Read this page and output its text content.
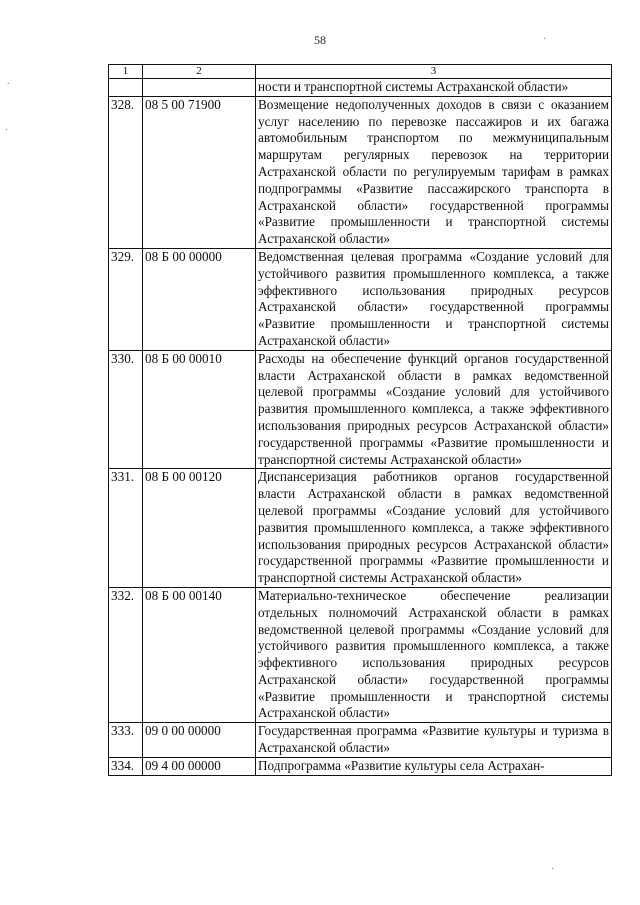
58
1	2	3
		ности и транспортной системы Астраханской области»
328.	08 5 00 71900	Возмещение недополученных доходов в связи с оказанием услуг населению по перевозке пассажиров и их багажа автомобильным транспортом по межмуниципальным маршрутам регулярных перевозок на территории Астраханской области по регулируемым тарифам в рамках подпрограммы «Развитие пассажирского транспорта в Астраханской области» государственной программы «Развитие промышленности и транспортной системы Астраханской области»
329.	08 Б 00 00000	Ведомственная целевая программа «Создание условий для устойчивого развития промышленного комплекса, а также эффективного использования природных ресурсов Астраханской области» государственной программы «Развитие промышленности и транспортной системы Астраханской области»
330.	08 Б 00 00010	Расходы на обеспечение функций органов государственной власти Астраханской области в рамках ведомственной целевой программы «Создание условий для устойчивого развития промышленного комплекса, а также эффективного использования природных ресурсов Астраханской области» государственной программы «Развитие промышленности и транспортной системы Астраханской области»
331.	08 Б 00 00120	Диспансеризация работников органов государственной власти Астраханской области в рамках ведомственной целевой программы «Создание условий для устойчивого развития промышленного комплекса, а также эффективного использования природных ресурсов Астраханской области» государственной программы «Развитие промышленности и транспортной системы Астраханской области»
332.	08 Б 00 00140	Материально-техническое обеспечение реализации отдельных полномочий Астраханской области в рамках ведомственной целевой программы «Создание условий для устойчивого развития промышленного комплекса, а также эффективного использования природных ресурсов Астраханской области» государственной программы «Развитие промышленности и транспортной системы Астраханской области»
333.	09 0 00 00000	Государственная программа «Развитие культуры и туризма в Астраханской области»
334.	09 4 00 00000	Подпрограмма «Развитие культуры села Астрахан-
.
·
·
·
